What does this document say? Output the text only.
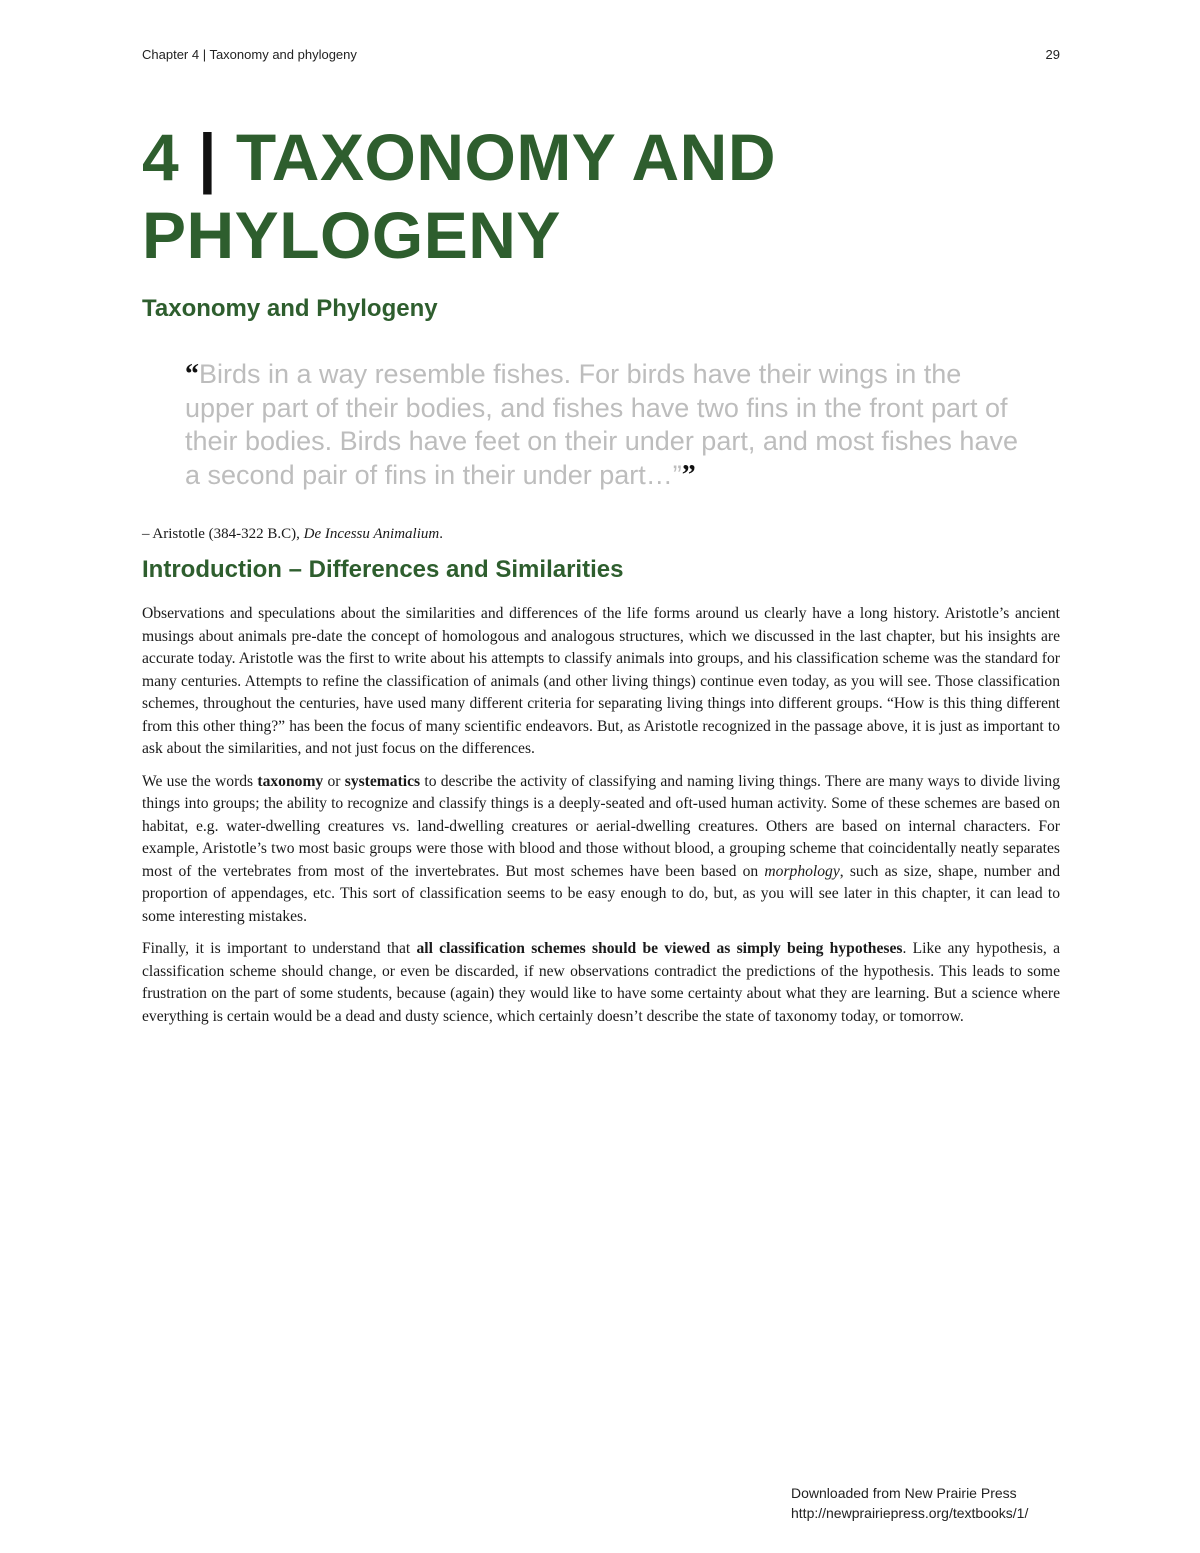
Chapter 4 | Taxonomy and phylogeny	29
4 | TAXONOMY AND
PHYLOGENY
Taxonomy and Phylogeny
“Birds in a way resemble fishes. For birds have their wings in the upper part of their bodies, and fishes have two fins in the front part of their bodies. Birds have feet on their under part, and most fishes have a second pair of fins in their under part…””
– Aristotle (384-322 B.C), De Incessu Animalium.
Introduction – Differences and Similarities

Observations and speculations about the similarities and differences of the life forms around us clearly have a long history. Aristotle’s ancient musings about animals pre-date the concept of homologous and analogous structures, which we discussed in the last chapter, but his insights are accurate today. Aristotle was the first to write about his attempts to classify animals into groups, and his classification scheme was the standard for many centuries. Attempts to refine the classification of animals (and other living things) continue even today, as you will see. Those classification schemes, throughout the centuries, have used many different criteria for separating living things into different groups. “How is this thing different from this other thing?” has been the focus of many scientific endeavors. But, as Aristotle recognized in the passage above, it is just as important to ask about the similarities, and not just focus on the differences.

We use the words taxonomy or systematics to describe the activity of classifying and naming living things. There are many ways to divide living things into groups; the ability to recognize and classify things is a deeply-seated and oft-used human activity. Some of these schemes are based on habitat, e.g. water-dwelling creatures vs. land-dwelling creatures or aerial-dwelling creatures. Others are based on internal characters. For example, Aristotle’s two most basic groups were those with blood and those without blood, a grouping scheme that coincidentally neatly separates most of the vertebrates from most of the invertebrates. But most schemes have been based on morphology, such as size, shape, number and proportion of appendages, etc. This sort of classification seems to be easy enough to do, but, as you will see later in this chapter, it can lead to some interesting mistakes.

Finally, it is important to understand that all classification schemes should be viewed as simply being hypotheses. Like any hypothesis, a classification scheme should change, or even be discarded, if new observations contradict the predictions of the hypothesis. This leads to some frustration on the part of some students, because (again) they would like to have some certainty about what they are learning. But a science where everything is certain would be a dead and dusty science, which certainly doesn’t describe the state of taxonomy today, or tomorrow.

Downloaded from New Prairie Press
http://newprairiepress.org/textbooks/1/
